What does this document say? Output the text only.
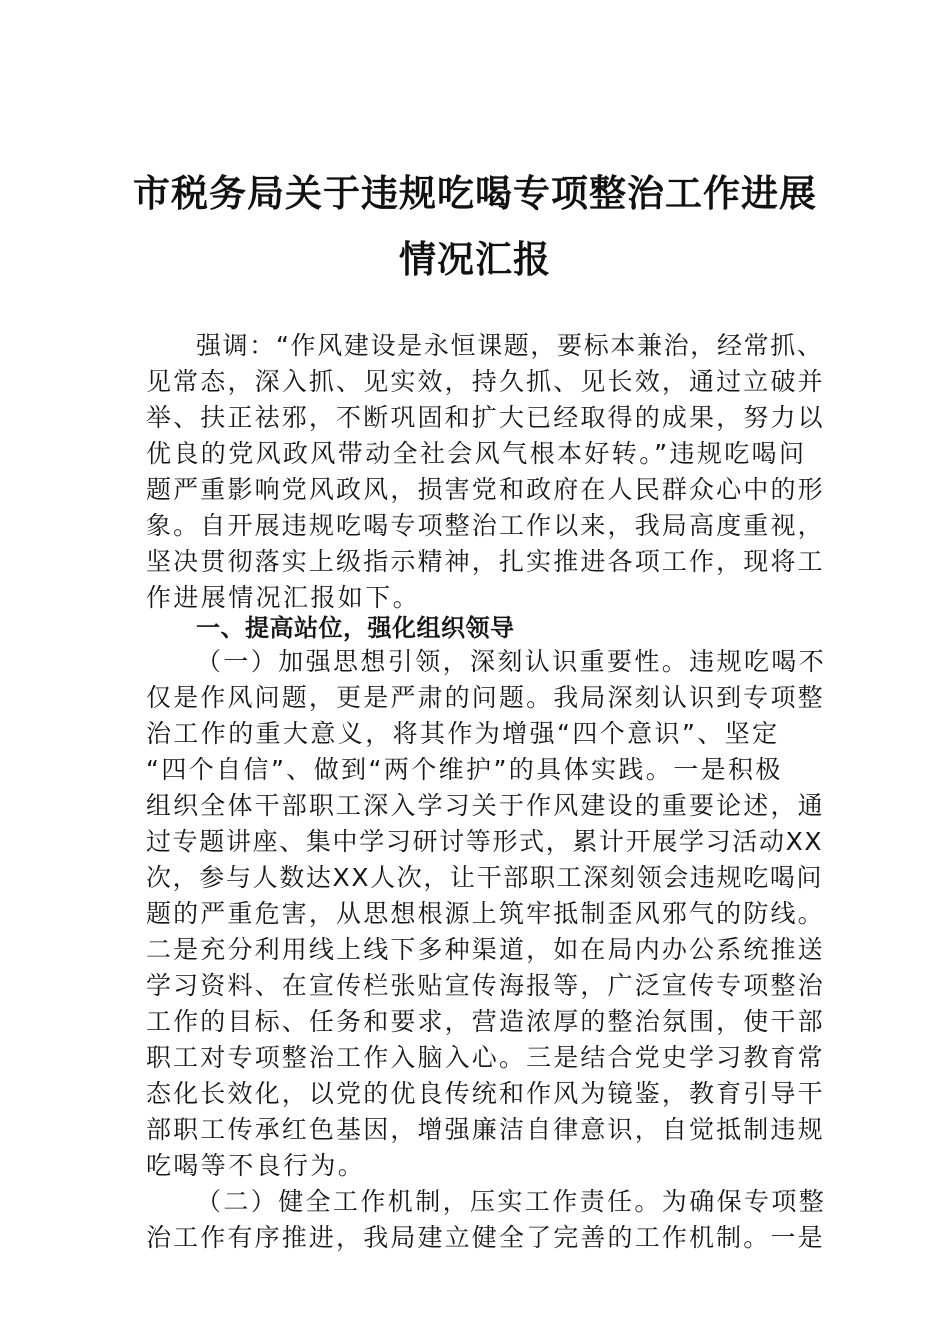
市税务局关于违规吃喝专项整治工作进展
情况汇报
强调：“作风建设是永恒课题，要标本兼治，经常抓、
见常态，深入抓、见实效，持久抓、见长效，通过立破并
举、扶正祛邪，不断巩固和扩大已经取得的成果，努力以
优良的党风政风带动全社会风气根本好转。”违规吃喝问
题严重影响党风政风，损害党和政府在人民群众心中的形
象。自开展违规吃喝专项整治工作以来，我局高度重视，
坚决贯彻落实上级指示精神，扎实推进各项工作，现将工
作进展情况汇报如下。
一、提高站位，强化组织领导
（一）加强思想引领，深刻认识重要性。违规吃喝不
仅是作风问题，更是严肃的问题。我局深刻认识到专项整
治工作的重大意义，将其作为增强“四个意识”、坚定
“四个自信”、做到“两个维护”的具体实践。一是积极
组织全体干部职工深入学习关于作风建设的重要论述，通
过专题讲座、集中学习研讨等形式，累计开展学习活动XX
次，参与人数达XX人次，让干部职工深刻领会违规吃喝问
题的严重危害，从思想根源上筑牢抵制歪风邪气的防线。
二是充分利用线上线下多种渠道，如在局内办公系统推送
学习资料、在宣传栏张贴宣传海报等，广泛宣传专项整治
工作的目标、任务和要求，营造浓厚的整治氛围，使干部
职工对专项整治工作入脑入心。三是结合党史学习教育常
态化长效化，以党的优良传统和作风为镜鉴，教育引导干
部职工传承红色基因，增强廉洁自律意识，自觉抵制违规
吃喝等不良行为。
（二）健全工作机制，压实工作责任。为确保专项整
治工作有序推进，我局建立健全了完善的工作机制。一是
